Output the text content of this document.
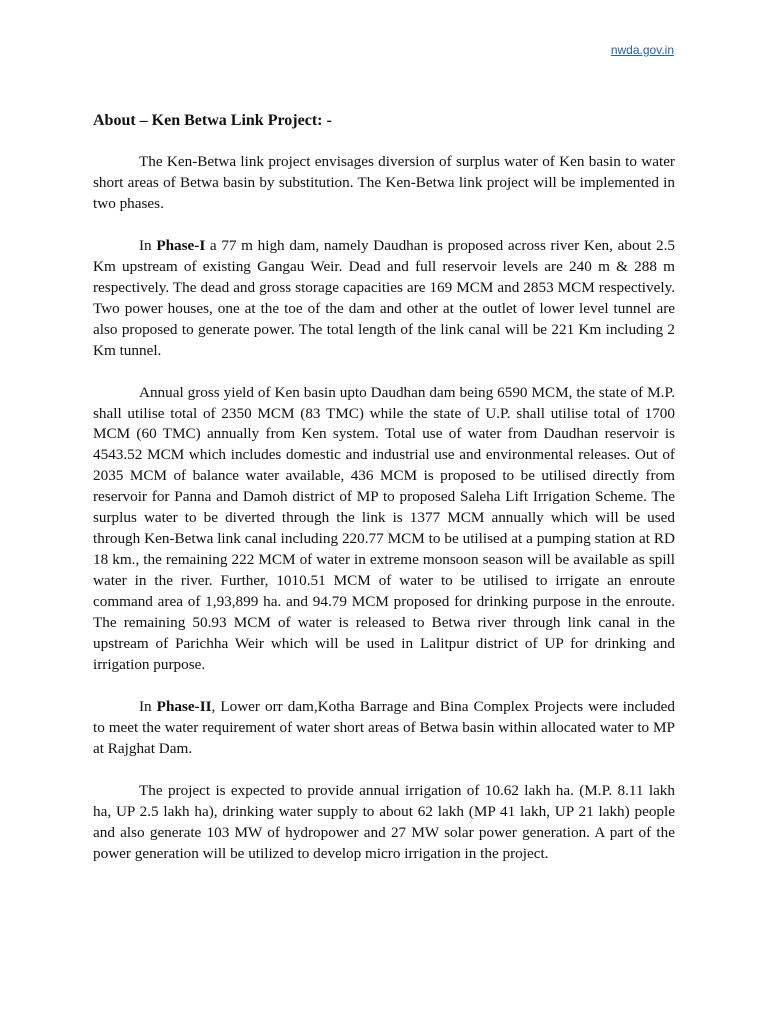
nwda.gov.in
About – Ken Betwa Link Project: -

The Ken-Betwa link project envisages diversion of surplus water of Ken basin to water short areas of Betwa basin by substitution. The Ken-Betwa link project will be implemented in two phases.

In Phase-I a 77 m high dam, namely Daudhan is proposed across river Ken, about 2.5 Km upstream of existing Gangau Weir. Dead and full reservoir levels are 240 m & 288 m respectively. The dead and gross storage capacities are 169 MCM and 2853 MCM respectively. Two power houses, one at the toe of the dam and other at the outlet of lower level tunnel are also proposed to generate power. The total length of the link canal will be 221 Km including 2 Km tunnel.

Annual gross yield of Ken basin upto Daudhan dam being 6590 MCM, the state of M.P. shall utilise total of 2350 MCM (83 TMC) while the state of U.P. shall utilise total of 1700 MCM (60 TMC) annually from Ken system. Total use of water from Daudhan reservoir is 4543.52 MCM which includes domestic and industrial use and environmental releases. Out of 2035 MCM of balance water available, 436 MCM is proposed to be utilised directly from reservoir for Panna and Damoh district of MP to proposed Saleha Lift Irrigation Scheme. The surplus water to be diverted through the link is 1377 MCM annually which will be used through Ken-Betwa link canal including 220.77 MCM to be utilised at a pumping station at RD 18 km., the remaining 222 MCM of water in extreme monsoon season will be available as spill water in the river. Further, 1010.51 MCM of water to be utilised to irrigate an enroute command area of 1,93,899 ha. and 94.79 MCM proposed for drinking purpose in the enroute. The remaining 50.93 MCM of water is released to Betwa river through link canal in the upstream of Parichha Weir which will be used in Lalitpur district of UP for drinking and irrigation purpose.

In Phase-II, Lower orr dam,Kotha Barrage and Bina Complex Projects were included to meet the water requirement of water short areas of Betwa basin within allocated water to MP at Rajghat Dam.

The project is expected to provide annual irrigation of 10.62 lakh ha. (M.P. 8.11 lakh ha, UP 2.5 lakh ha), drinking water supply to about 62 lakh (MP 41 lakh, UP 21 lakh) people and also generate 103 MW of hydropower and 27 MW solar power generation. A part of the power generation will be utilized to develop micro irrigation in the project.
